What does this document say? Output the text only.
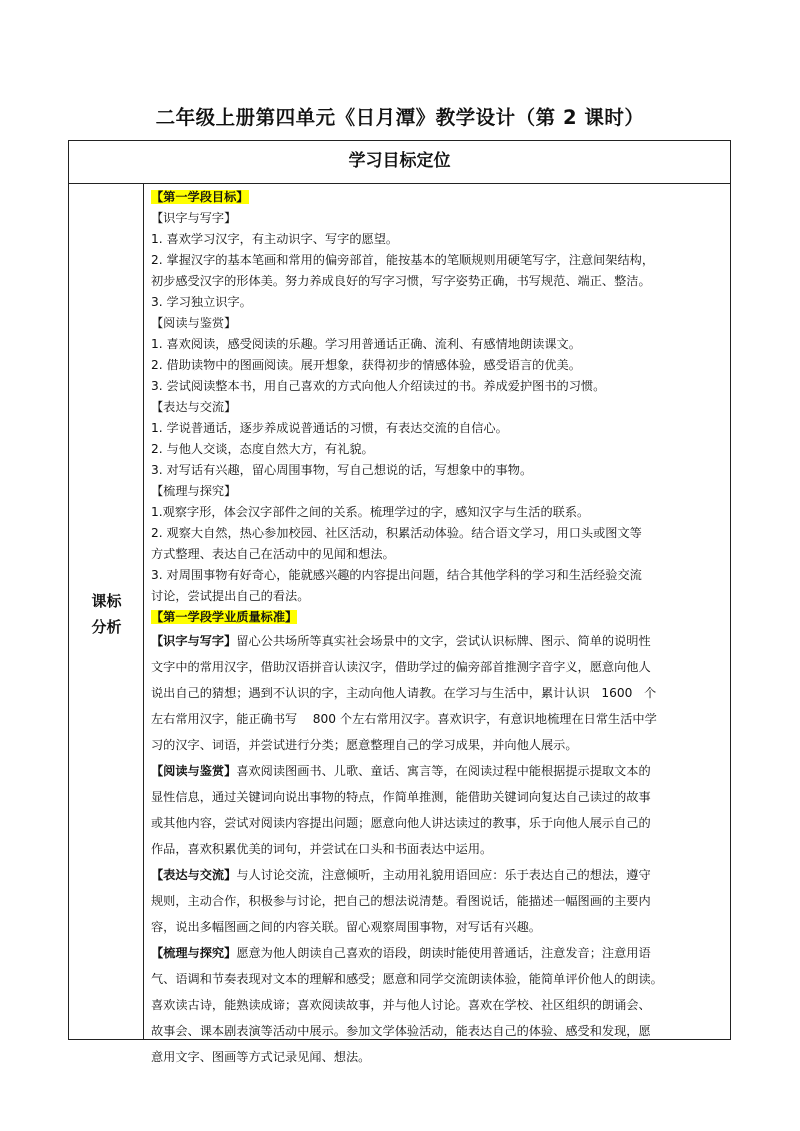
二年级上册第四单元《日月潭》教学设计（第 2 课时）
学习目标定位
课标
分析

【第一学段目标】

【识字与写字】

1. 喜欢学习汉字，有主动识字、写字的愿望。

2. 掌握汉字的基本笔画和常用的偏旁部首，能按基本的笔顺规则用硬笔写字，注意间架结构，

初步感受汉字的形体美。努力养成良好的写字习惯，写字姿势正确，书写规范、端正、整洁。

3. 学习独立识字。

【阅读与鉴赏】

1. 喜欢阅读，感受阅读的乐趣。学习用普通话正确、流利、有感情地朗读课文。

2. 借助读物中的图画阅读。展开想象，获得初步的情感体验，感受语言的优美。

3. 尝试阅读整本书，用自己喜欢的方式向他人介绍读过的书。养成爱护图书的习惯。

【表达与交流】

1. 学说普通话，逐步养成说普通话的习惯，有表达交流的自信心。

2. 与他人交谈，态度自然大方，有礼貌。

3. 对写话有兴趣，留心周围事物，写自己想说的话，写想象中的事物。

【梳理与探究】

1.观察字形，体会汉字部件之间的关系。梳理学过的字，感知汉字与生活的联系。

2. 观察大自然，热心参加校园、社区活动，积累活动体验。结合语文学习，用口头或图文等

方式整理、表达自己在活动中的见闻和想法。

3. 对周围事物有好奇心，能就感兴趣的内容提出问题，结合其他学科的学习和生活经验交流

讨论，尝试提出自己的看法。

【第一学段学业质量标准】

【识字与写字】留心公共场所等真实社会场景中的文字，尝试认识标牌、图示、简单的说明性

文字中的常用汉字，借助汉语拼音认读汉字，借助学过的偏旁部首推测字音字义，愿意向他人

说出自己的猜想；遇到不认识的字，主动向他人请教。在学习与生活中，累计认识   1600   个

左右常用汉字，能正确书写    800 个左右常用汉字。喜欢识字，有意识地梳理在日常生活中学

习的汉字、词语，并尝试进行分类；愿意整理自己的学习成果，并向他人展示。

【阅读与鉴赏】喜欢阅读图画书、儿歌、童话、寓言等，在阅读过程中能根据提示提取文本的

显性信息，通过关键词向说出事物的特点，作简单推测，能借助关键词向复达自己读过的故事

或其他内容，尝试对阅读内容提出问题；愿意向他人讲达读过的教事，乐于向他人展示自己的

作品，喜欢积累优美的词句，并尝试在口头和书面表达中运用。

【表达与交流】与人讨论交流，注意倾听，主动用礼貌用语回应：乐于表达自己的想法，遵守

规则，主动合作，积极参与讨论，把自己的想法说清楚。看图说话，能描述一幅图画的主要内

容，说出多幅图画之间的内容关联。留心观察周围事物，对写话有兴趣。

【梳理与探究】愿意为他人朗读自己喜欢的语段，朗读时能使用普通话，注意发音；注意用语

气、语调和节奏表现对文本的理解和感受；愿意和同学交流朗读体验，能简单评价他人的朗读。

喜欢读古诗，能熟读成谛；喜欢阅读故事，并与他人讨论。喜欢在学校、社区组织的朗诵会、

故事会、课本剧表演等活动中展示。参加文学体验活动，能表达自己的体验、感受和发现，愿

意用文字、图画等方式记录见闻、想法。
